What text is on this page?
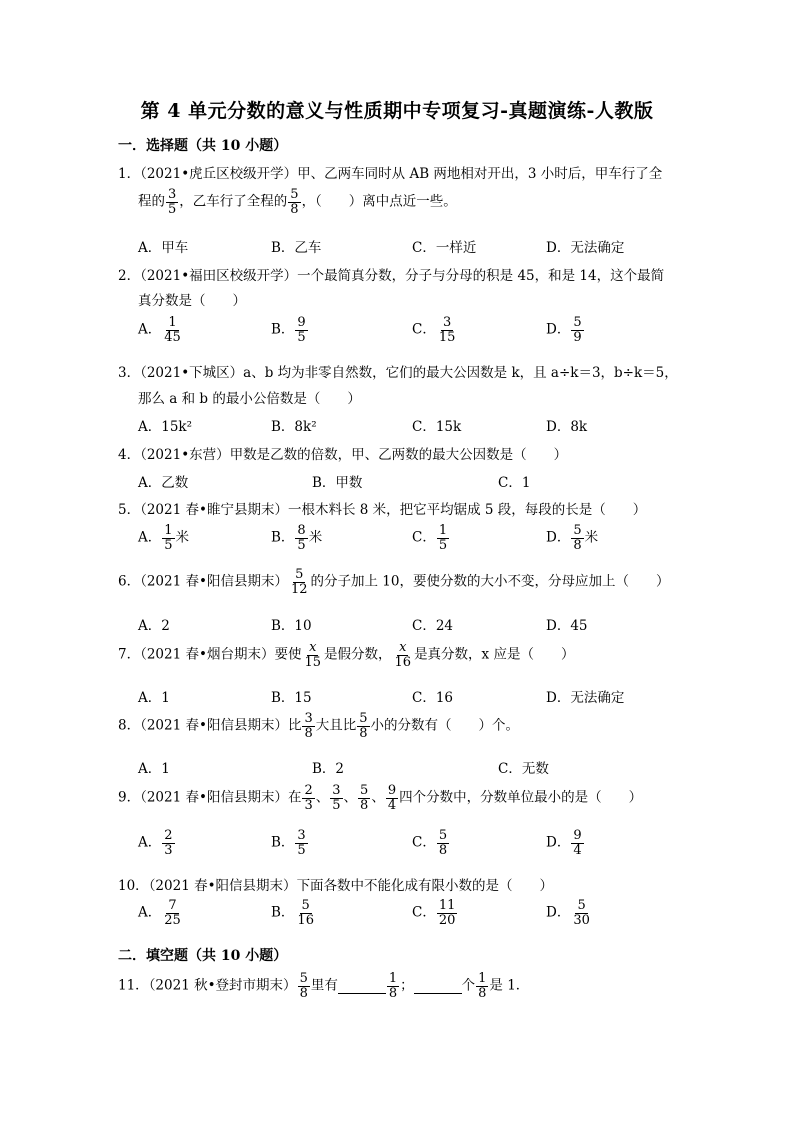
第 4 单元分数的意义与性质期中专项复习-真题演练-人教版
一．选择题（共 10 小题）
1．（2021•虎丘区校级开学）甲、乙两车同时从 AB 两地相对开出，3 小时后，甲车行了全
程的 $\frac{3}{5}$ ，乙车行了全程的 $\frac{5}{8}$ ，（　　）离中点近一些。
A．甲车	B．乙车	C．一样近	D．无法确定
2．（2021•福田区校级开学）一个最简真分数，分子与分母的积是 45，和是 14，这个最简
真分数是（　　）
A． $\frac{1}{45}$	B． $\frac{9}{5}$	C． $\frac{3}{15}$	D． $\frac{5}{9}$
3．（2021•下城区）a、b 均为非零自然数，它们的最大公因数是 k，且 a÷k＝3，b÷k＝5，
那么 a 和 b 的最小公倍数是（　　）
A．15k²	B．8k²	C．15k	D．8k
4．（2021•东营）甲数是乙数的倍数，甲、乙两数的最大公因数是（　　）
A．乙数	B．甲数	C．1
5．（2021 春•睢宁县期末）一根木料长 8 米，把它平均锯成 5 段，每段的长是（　　）
A． $\frac{1}{5}$ 米	B． $\frac{8}{5}$ 米	C． $\frac{1}{5}$	D． $\frac{5}{8}$ 米
6．（2021 春•阳信县期末） $\frac{5}{12}$ 的分子加上 10，要使分数的大小不变，分母应加上（　　）
A．2	B．10	C．24	D．45
7．（2021 春•烟台期末）要使 $\frac{x}{15}$ 是假分数， $\frac{x}{16}$ 是真分数，x 应是（　　）
A．1	B．15	C．16	D．无法确定
8．（2021 春•阳信县期末）比 $\frac{3}{8}$ 大且比 $\frac{5}{8}$ 小的分数有（　　）个。
A．1	B．2	C．无数
9．（2021 春•阳信县期末）在 $\frac{2}{3}$ 、 $\frac{3}{5}$ 、 $\frac{5}{8}$ 、 $\frac{9}{4}$ 四个分数中，分数单位最小的是（　　）
A． $\frac{2}{3}$	B． $\frac{3}{5}$	C． $\frac{5}{8}$	D． $\frac{9}{4}$
10．（2021 春•阳信县期末）下面各数中不能化成有限小数的是（　　）
A． $\frac{7}{25}$	B． $\frac{5}{16}$	C． $\frac{11}{20}$	D． $\frac{5}{30}$
二．填空题（共 10 小题）
11．（2021 秋•登封市期末） $\frac{5}{8}$ 里有	$\frac{1}{8}$ ；	个 $\frac{1}{8}$ 是 1．
